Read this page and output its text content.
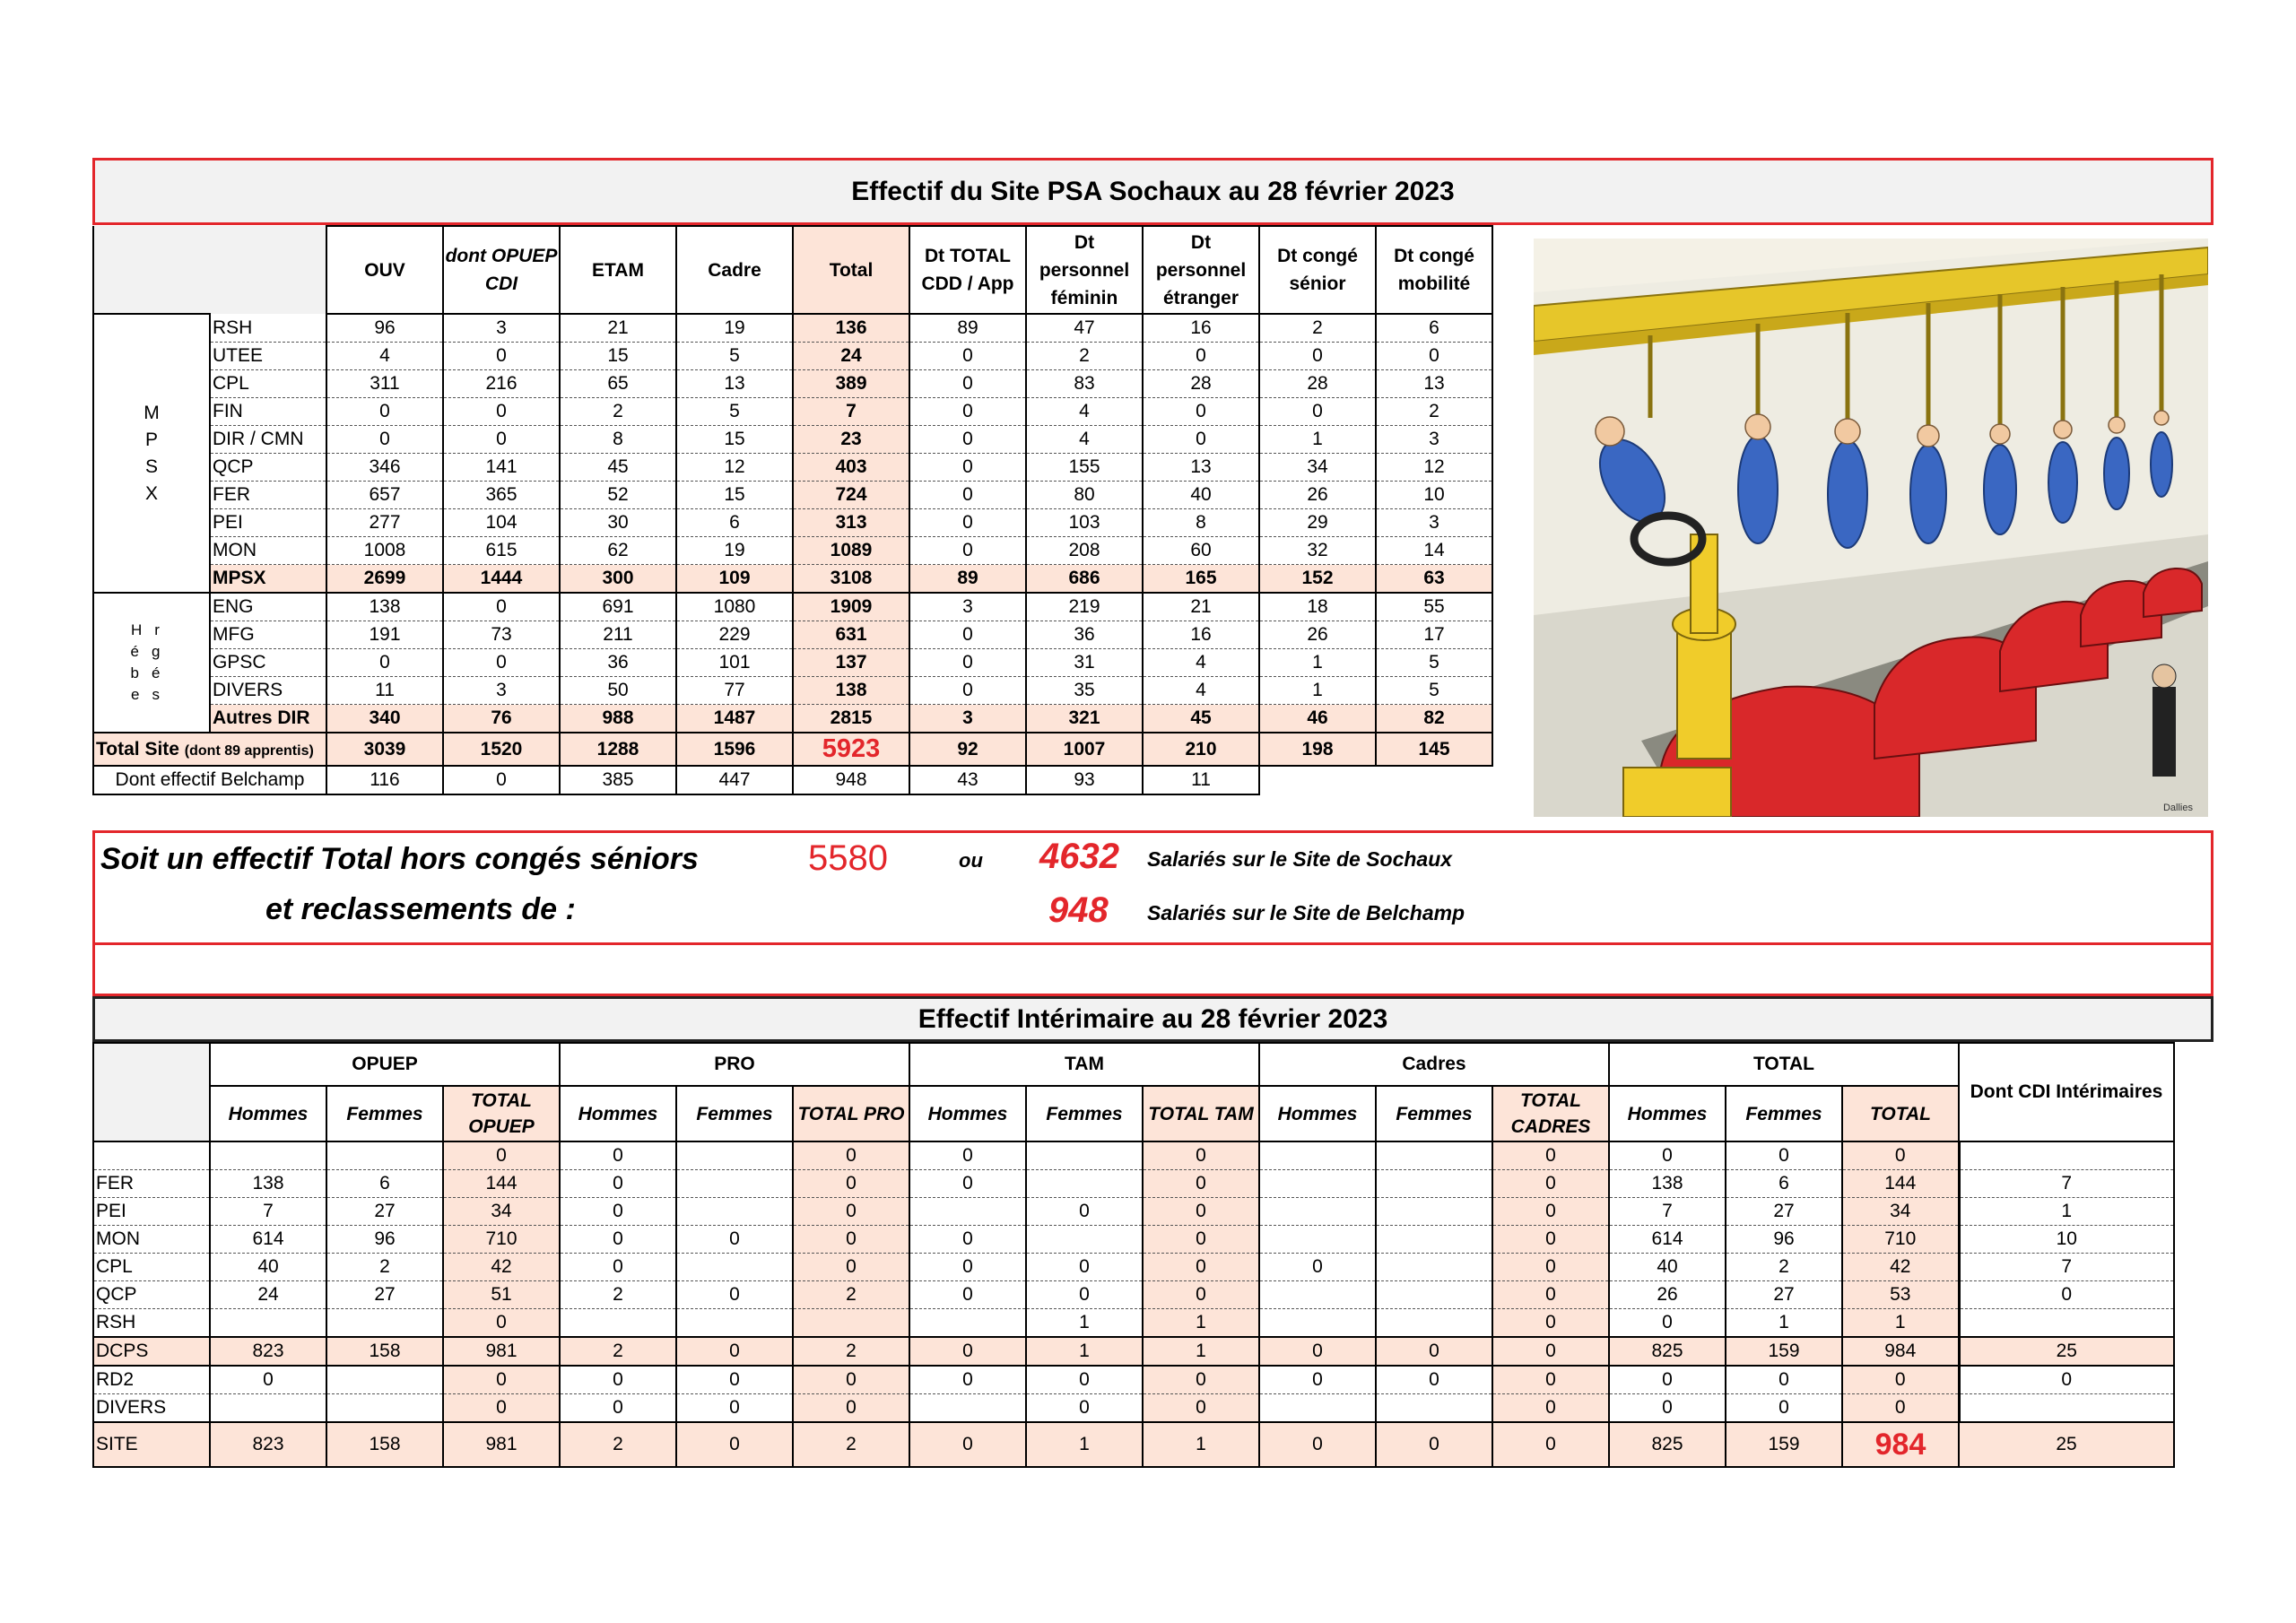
Effectif du Site PSA Sochaux au 28 février 2023
		OUV	dont OPUEP CDI	ETAM	Cadre	Total	Dt TOTAL CDD / App	Dt personnel féminin	Dt personnel étranger	Dt congé sénior	Dt congé mobilité

M
P
S
X	RSH	96	3	21	19	136	89	47	16	2	6
	UTEE	4	0	15	5	24	0	2	0	0	0
	CPL	311	216	65	13	389	0	83	28	28	13
	FIN	0	0	2	5	7	0	4	0	0	2
	DIR / CMN	0	0	8	15	23	0	4	0	1	3
	QCP	346	141	45	12	403	0	155	13	34	12
	FER	657	365	52	15	724	0	80	40	26	10
	PEI	277	104	30	6	313	0	103	8	29	3
	MON	1008	615	62	19	1089	0	208	60	32	14
	MPSX	2699	1444	300	109	3108	89	686	165	152	63

Hr
ég
bé
es	ENG	138	0	691	1080	1909	3	219	21	18	55
	MFG	191	73	211	229	631	0	36	16	26	17
	GPSC	0	0	36	101	137	0	31	4	1	5
	DIVERS	11	3	50	77	138	0	35	4	1	5
	Autres DIR	340	76	988	1487	2815	3	321	45	46	82
Total Site (dont 89 apprentis)		3039	1520	1288	1596	5923	92	1007	210	198	145
Dont effectif Belchamp		116	0	385	447	948	43	93	11		
Dallies
Soit un effectif Total hors congés séniors	5580	ou 4632 Salariés sur le Site de Sochaux
et reclassements de :	948 Salariés sur le Site de Belchamp
Effectif Intérimaire au 28 février 2023
	OPUEP			PRO			TAM			Cadres			TOTAL			Dont CDI Intérimaires
	Hommes	Femmes	TOTAL OPUEP	Hommes	Femmes	TOTAL PRO	Hommes	Femmes	TOTAL TAM	Hommes	Femmes	TOTAL CADRES	Hommes	Femmes	TOTAL	
			0	0		0	0		0			0	0	0	0	
FER	138	6	144	0		0	0		0			0	138	6	144	7
PEI	7	27	34	0		0		0	0			0	7	27	34	1
MON	614	96	710	0	0	0	0		0			0	614	96	710	10
CPL	40	2	42	0		0	0	0	0	0		0	40	2	42	7
QCP	24	27	51	2	0	2	0	0	0			0	26	27	53	0
RSH			0					1	1			0	0	1	1	
DCPS	823	158	981	2	0	2	0	1	1	0	0	0	825	159	984	25
RD2	0		0	0	0	0	0	0	0	0	0	0	0	0	0	0
DIVERS			0	0	0	0		0	0			0	0	0	0	
SITE	823	158	981	2	0	2	0	1	1	0	0	0	825	159	984	25
